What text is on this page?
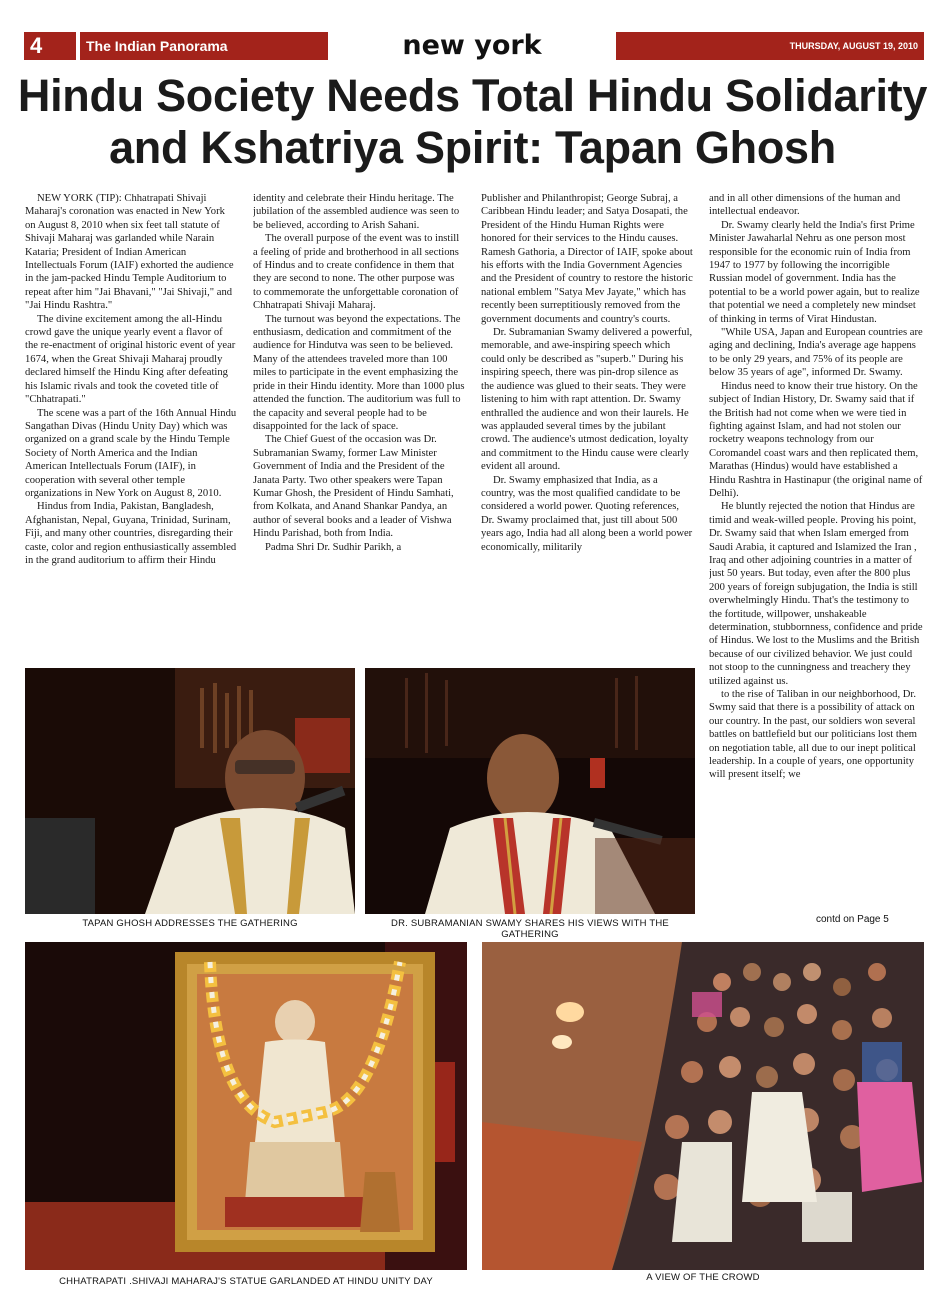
4	The Indian Panorama	new york	THURSDAY, AUGUST 19, 2010
Hindu Society Needs Total Hindu Solidarity
and Kshatriya Spirit: Tapan Ghosh

NEW YORK (TIP): Chhatrapati Shivaji Maharaj's coronation was enacted in New York on August 8, 2010 when six feet tall statute of Shivaji Maharaj was garlanded while Narain Kataria; President of Indian American Intellectuals Forum (IAIF) exhorted the audience in the jam-packed Hindu Temple Auditorium to repeat after him "Jai Bhavani," "Jai Shivaji," and "Jai Hindu Rashtra."

The divine excitement among the all-Hindu crowd gave the unique yearly event a flavor of the re-enactment of original historic event of year 1674, when the Great Shivaji Maharaj proudly declared himself the Hindu King after defeating his Islamic rivals and took the coveted title of "Chhatrapati."

The scene was a part of the 16th Annual Hindu Sangathan Divas (Hindu Unity Day) which was organized on a grand scale by the Hindu Temple Society of North America and the Indian American Intellectuals Forum (IAIF), in cooperation with several other temple organizations in New York on August 8, 2010.

Hindus from India, Pakistan, Bangladesh, Afghanistan, Nepal, Guyana, Trinidad, Surinam, Fiji, and many other countries, disregarding their caste, color and region enthusiastically assembled in the grand auditorium to affirm their Hindu

identity and celebrate their Hindu heritage. The jubilation of the assembled audience was seen to be believed, according to Arish Sahani.

The overall purpose of the event was to instill a feeling of pride and brotherhood in all sections of Hindus and to create confidence in them that they are second to none. The other purpose was to commemorate the unforgettable coronation of Chhatrapati Shivaji Maharaj.

The turnout was beyond the expectations. The enthusiasm, dedication and commitment of the audience for Hindutva was seen to be believed. Many of the attendees traveled more than 100 miles to participate in the event emphasizing the pride in their Hindu identity. More than 1000 plus attended the function. The auditorium was full to the capacity and several people had to be disappointed for the lack of space.

The Chief Guest of the occasion was Dr. Subramanian Swamy, former Law Minister Government of India and the President of the Janata Party. Two other speakers were Tapan Kumar Ghosh, the President of Hindu Samhati, from Kolkata, and Anand Shankar Pandya, an author of several books and a leader of Vishwa Hindu Parishad, both from India.

Padma Shri Dr. Sudhir Parikh, a

Publisher and Philanthropist; George Subraj, a Caribbean Hindu leader; and Satya Dosapati, the President of the Hindu Human Rights were honored for their services to the Hindu causes. Ramesh Gathoria, a Director of IAIF, spoke about his efforts with the India Government Agencies and the President of country to restore the historic national emblem "Satya Mev Jayate," which has recently been surreptitiously removed from the government documents and country's courts.

Dr. Subramanian Swamy delivered a powerful, memorable, and awe-inspiring speech which could only be described as "superb." During his inspiring speech, there was pin-drop silence as the audience was glued to their seats. They were listening to him with rapt attention. Dr. Swamy enthralled the audience and won their laurels. He was applauded several times by the jubilant crowd. The audience's utmost dedication, loyalty and commitment to the Hindu cause were clearly evident all around.

Dr. Swamy emphasized that India, as a country, was the most qualified candidate to be considered a world power. Quoting references, Dr. Swamy proclaimed that, just till about 500 years ago, India had all along been a world power economically, militarily

and in all other dimensions of the human and intellectual endeavor.

Dr. Swamy clearly held the India's first Prime Minister Jawaharlal Nehru as one person most responsible for the economic ruin of India from 1947 to 1977 by following the incorrigible Russian model of government. India has the potential to be a world power again, but to realize that potential we need a completely new mindset of thinking in terms of Virat Hindustan.

"While USA, Japan and European countries are aging and declining, India's average age happens to be only 29 years, and 75% of its people are below 35 years of age", informed Dr. Swamy.

Hindus need to know their true history. On the subject of Indian History, Dr. Swamy said that if the British had not come when we were tied in fighting against Islam, and had not stolen our rocketry weapons technology from our Coromandel coast wars and then replicated them, Marathas (Hindus) would have established a Hindu Rashtra in Hastinapur (the original name of Delhi).

He bluntly rejected the notion that Hindus are timid and weak-willed people. Proving his point, Dr. Swamy said that when Islam emerged from Saudi Arabia, it captured and Islamized the Iran , Iraq and other adjoining countries in a matter of just 50 years. But today, even after the 800 plus 200 years of foreign subjugation, the India is still overwhelmingly Hindu. That's the testimony to the fortitude, willpower, unshakeable determination, stubbornness, confidence and pride of Hindus. We lost to the Muslims and the British because of our civilized behavior. We just could not stoop to the cunningness and treachery they utilized against us.

to the rise of Taliban in our neighborhood, Dr. Swmy said that there is a possibility of attack on our country. In the past, our soldiers won several battles on battlefield but our politicians lost them on negotiation table, all due to our inept political leadership. In a couple of years, one opportunity will present itself; we

contd on Page 5
TAPAN GHOSH ADDRESSES THE GATHERING	DR. SUBRAMANIAN SWAMY SHARES HIS VIEWS WITH THE GATHERING
CHHATRAPATI .SHIVAJI MAHARAJ'S STATUE GARLANDED AT HINDU UNITY DAY	A VIEW OF THE CROWD
